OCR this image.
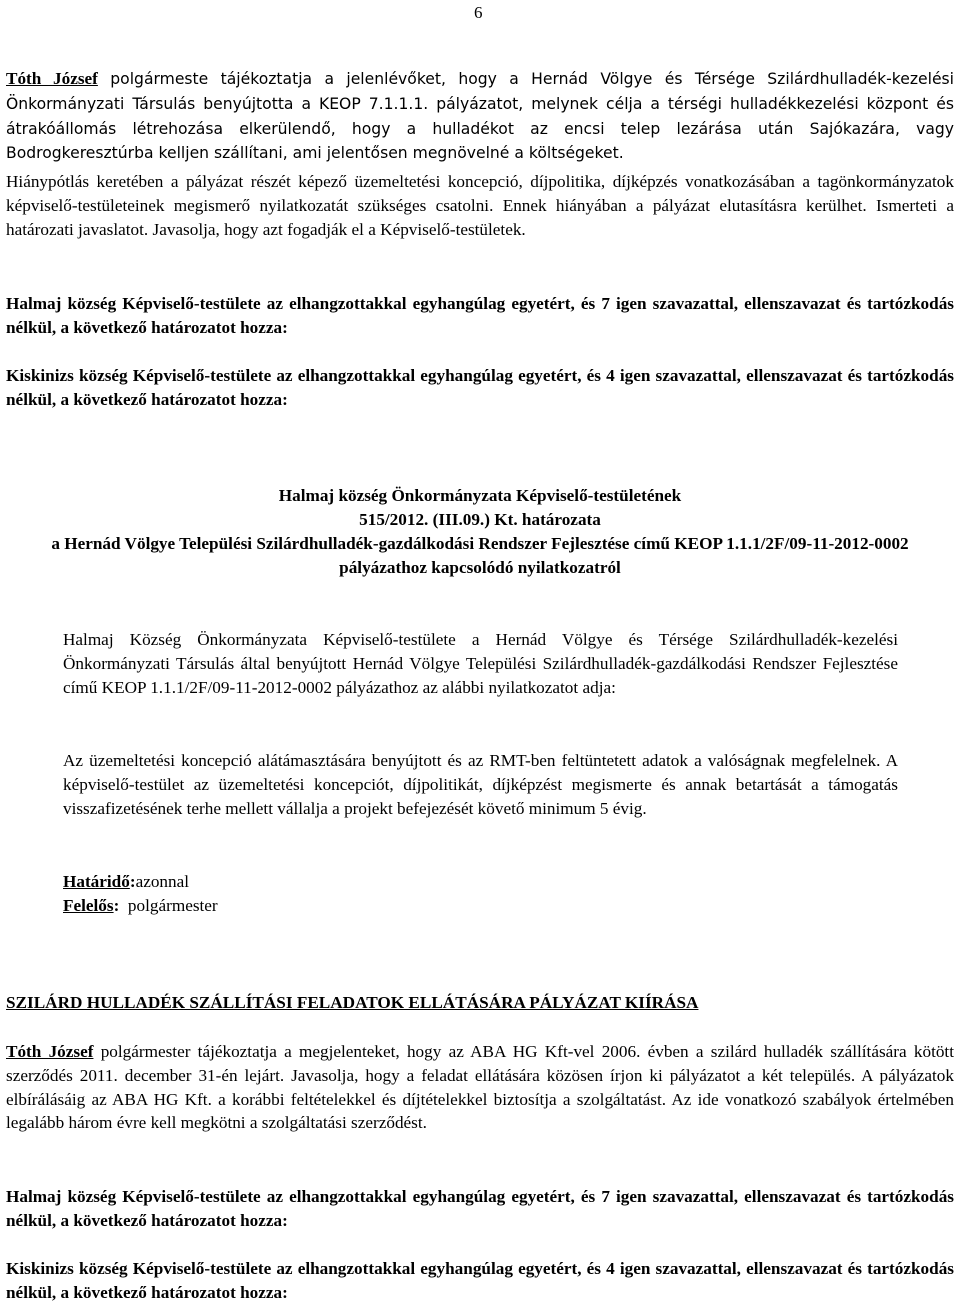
6

Tóth József polgármeste tájékoztatja a jelenlévőket, hogy a Hernád Völgye és Térsége Szilárdhulladék-kezelési Önkormányzati Társulás benyújtotta a KEOP 7.1.1.1. pályázatot, melynek célja a térségi hulladékkezelési központ és átrakóállomás létrehozása elkerülendő, hogy a hulladékot az encsi telep lezárása után Sajókazára, vagy Bodrogkeresztúrba kelljen szállítani, ami jelentősen megnövelné a költségeket.

Hiánypótlás keretében a pályázat részét képező üzemeltetési koncepció, díjpolitika, díjképzés vonatkozásában a tagönkormányzatok képviselő-testületeinek megismerő nyilatkozatát szükséges csatolni. Ennek hiányában a pályázat elutasításra kerülhet. Ismerteti a határozati javaslatot. Javasolja, hogy azt fogadják el a Képviselő-testületek.

Halmaj község Képviselő-testülete az elhangzottakkal egyhangúlag egyetért, és 7 igen szavazattal, ellenszavazat és tartózkodás nélkül, a következő határozatot hozza:

Kiskinizs község Képviselő-testülete az elhangzottakkal egyhangúlag egyetért, és 4 igen szavazattal, ellenszavazat és tartózkodás nélkül, a következő határozatot hozza:

Halmaj község Önkormányzata Képviselő-testületének

515/2012. (III.09.) Kt. határozata

a Hernád Völgye Települési Szilárdhulladék-gazdálkodási Rendszer Fejlesztése című KEOP 1.1.1/2F/09-11-2012-0002 pályázathoz kapcsolódó nyilatkozatról

Halmaj Község Önkormányzata Képviselő-testülete a Hernád Völgye és Térsége Szilárdhulladék-kezelési Önkormányzati Társulás által benyújtott Hernád Völgye Települési Szilárdhulladék-gazdálkodási Rendszer Fejlesztése című KEOP 1.1.1/2F/09-11-2012-0002 pályázathoz az alábbi nyilatkozatot adja:

Az üzemeltetési koncepció alátámasztására benyújtott és az RMT-ben feltüntetett adatok a valóságnak megfelelnek. A képviselő-testület az üzemeltetési koncepciót, díjpolitikát, díjképzést megismerte és annak betartását a támogatás visszafizetésének terhe mellett vállalja a projekt befejezését követő minimum 5 évig.

Határidő:azonnal
Felelős: polgármester
SZILÁRD HULLADÉK SZÁLLÍTÁSI FELADATOK ELLÁTÁSÁRA PÁLYÁZAT KIÍRÁSA

Tóth József polgármester tájékoztatja a megjelenteket, hogy az ABA HG Kft-vel 2006. évben a szilárd hulladék szállítására kötött szerződés 2011. december 31-én lejárt. Javasolja, hogy a feladat ellátására közösen írjon ki pályázatot a két település. A pályázatok elbírálásáig az ABA HG Kft. a korábbi feltételekkel és díjtételekkel biztosítja a szolgáltatást. Az ide vonatkozó szabályok értelmében legalább három évre kell megkötni a szolgáltatási szerződést.

Halmaj község Képviselő-testülete az elhangzottakkal egyhangúlag egyetért, és 7 igen szavazattal, ellenszavazat és tartózkodás nélkül, a következő határozatot hozza:

Kiskinizs község Képviselő-testülete az elhangzottakkal egyhangúlag egyetért, és 4 igen szavazattal, ellenszavazat és tartózkodás nélkül, a következő határozatot hozza:
